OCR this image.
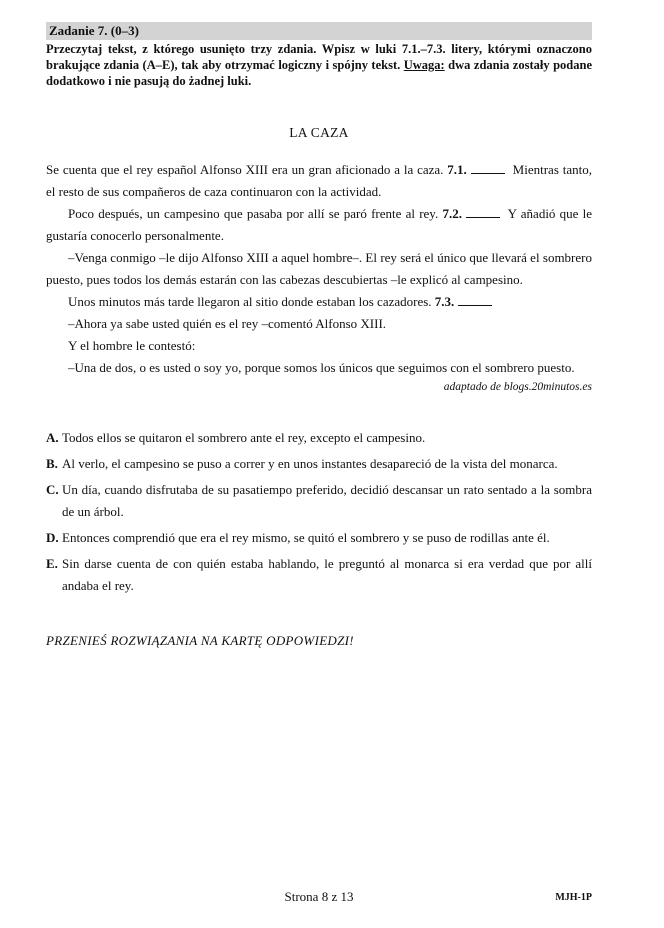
Zadanie 7. (0–3)
Przeczytaj tekst, z którego usunięto trzy zdania. Wpisz w luki 7.1.–7.3. litery, którymi oznaczono brakujące zdania (A–E), tak aby otrzymać logiczny i spójny tekst. Uwaga: dwa zdania zostały podane dodatkowo i nie pasują do żadnej luki.
LA CAZA

Se cuenta que el rey español Alfonso XIII era un gran aficionado a la caza. 7.1.	Mientras tanto, el resto de sus compañeros de caza continuaron con la actividad.

Poco después, un campesino que pasaba por allí se paró frente al rey. 7.2.	Y añadió que le gustaría conocerlo personalmente.

–Venga conmigo –le dijo Alfonso XIII a aquel hombre–. El rey será el único que llevará el sombrero puesto, pues todos los demás estarán con las cabezas descubiertas –le explicó al campesino.

Unos minutos más tarde llegaron al sitio donde estaban los cazadores. 7.3.

–Ahora ya sabe usted quién es el rey –comentó Alfonso XIII.

Y el hombre le contestó:

–Una de dos, o es usted o soy yo, porque somos los únicos que seguimos con el sombrero puesto.

adaptado de blogs.20minutos.es
A. Todos ellos se quitaron el sombrero ante el rey, excepto el campesino.
B. Al verlo, el campesino se puso a correr y en unos instantes desapareció de la vista del monarca.
C. Un día, cuando disfrutaba de su pasatiempo preferido, decidió descansar un rato sentado a la sombra de un árbol.
D. Entonces comprendió que era el rey mismo, se quitó el sombrero y se puso de rodillas ante él.
E. Sin darse cuenta de con quién estaba hablando, le preguntó al monarca si era verdad que por allí andaba el rey.
PRZENIEŚ ROZWIĄZANIA NA KARTĘ ODPOWIEDZI!
Strona 8 z 13	MJH-1P
